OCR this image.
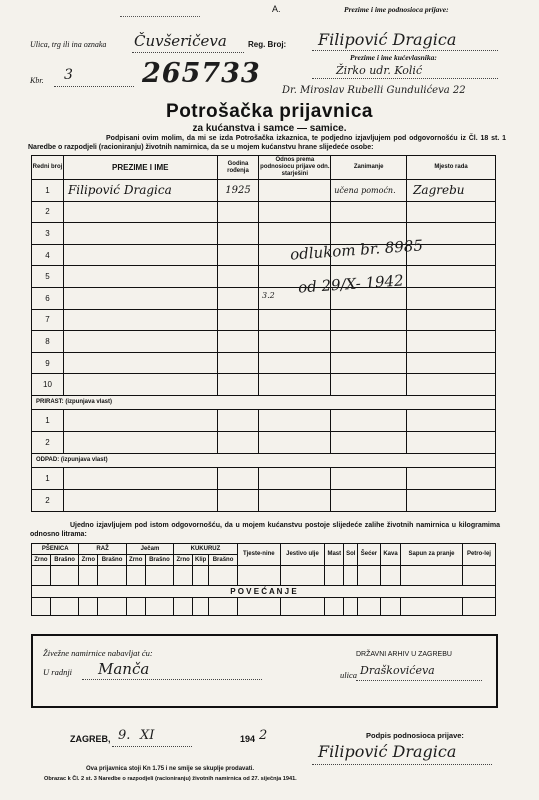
A.
Ulica, trg ili ina oznaka Čuvšeričeva
Kbr. 3
Reg. Broj:
265733
Prezime i ime podnosioca prijave:
Filipović Dragica
Prezime i ime kućevlasnika:
Žirko udr. Kolić
Dr. Miroslav Rubelli Gundulićeva 22
Potrošačka prijavnica
za kućanstva i samce — samice.
Podpisani ovim molim, da mi se izda Potrošačka izkaznica, te podjedno izjavljujem pod odgovornošću iz Čl. 18 st. 1 Naredbe o razpodjeli (racioniranju) životnih namirnica, da se u mojem kućanstvu hrane slijedeće osobe:
Redni broj	PREZIME I IME	Godina rođenja	Odnos prema podnosiocu prijave odn. starješini	Zanimanje	Mjesto rada
1	Filipović Dragica	1925		učena pomoćn.	Zagrebu
2					
3					
4					
5					
6					
7					
8					
9					
10					
PRIRAST: (izpunjava vlast)					
1					
2					
ODPAD: (izpunjava vlast)					
1					
2					
odlukom br. 8985
od 29/X- 1942
3.2
Ujedno izjavljujem pod istom odgovornošću, da u mojem kućanstvu postoje slijedeće zalihe životnih namirnica u kilogramima odnosno litrama:
PŠENICA		RAŽ		Ječam		KUKURUZ			Tjeste-nine	Jestivo ulje	Mast	Sol	Šećer	Kava	Sapun za pranje	Petro-lej
Zrno	Brašno	Zrno	Brašno	Zrno	Brašno	Zrno	Klip	Brašno								

P O V E Ć A N J E																

Živežne namirnice nabavljat ću:
U radnji Manča
DRŽAVNI ARHIV U ZAGREBU
ulica Draškovićeva
ZAGREB, 9. XI	194 2	Podpis podnosioca prijave:
Filipović Dragica
Ova prijavnica stoji Kn 1.75 i ne smije se skuplje prodavati.
Obrazac k Čl. 2 st. 3 Naredbe o razpodjeli (racioniranju) životnih namirnica od 27. siječnja 1941.
